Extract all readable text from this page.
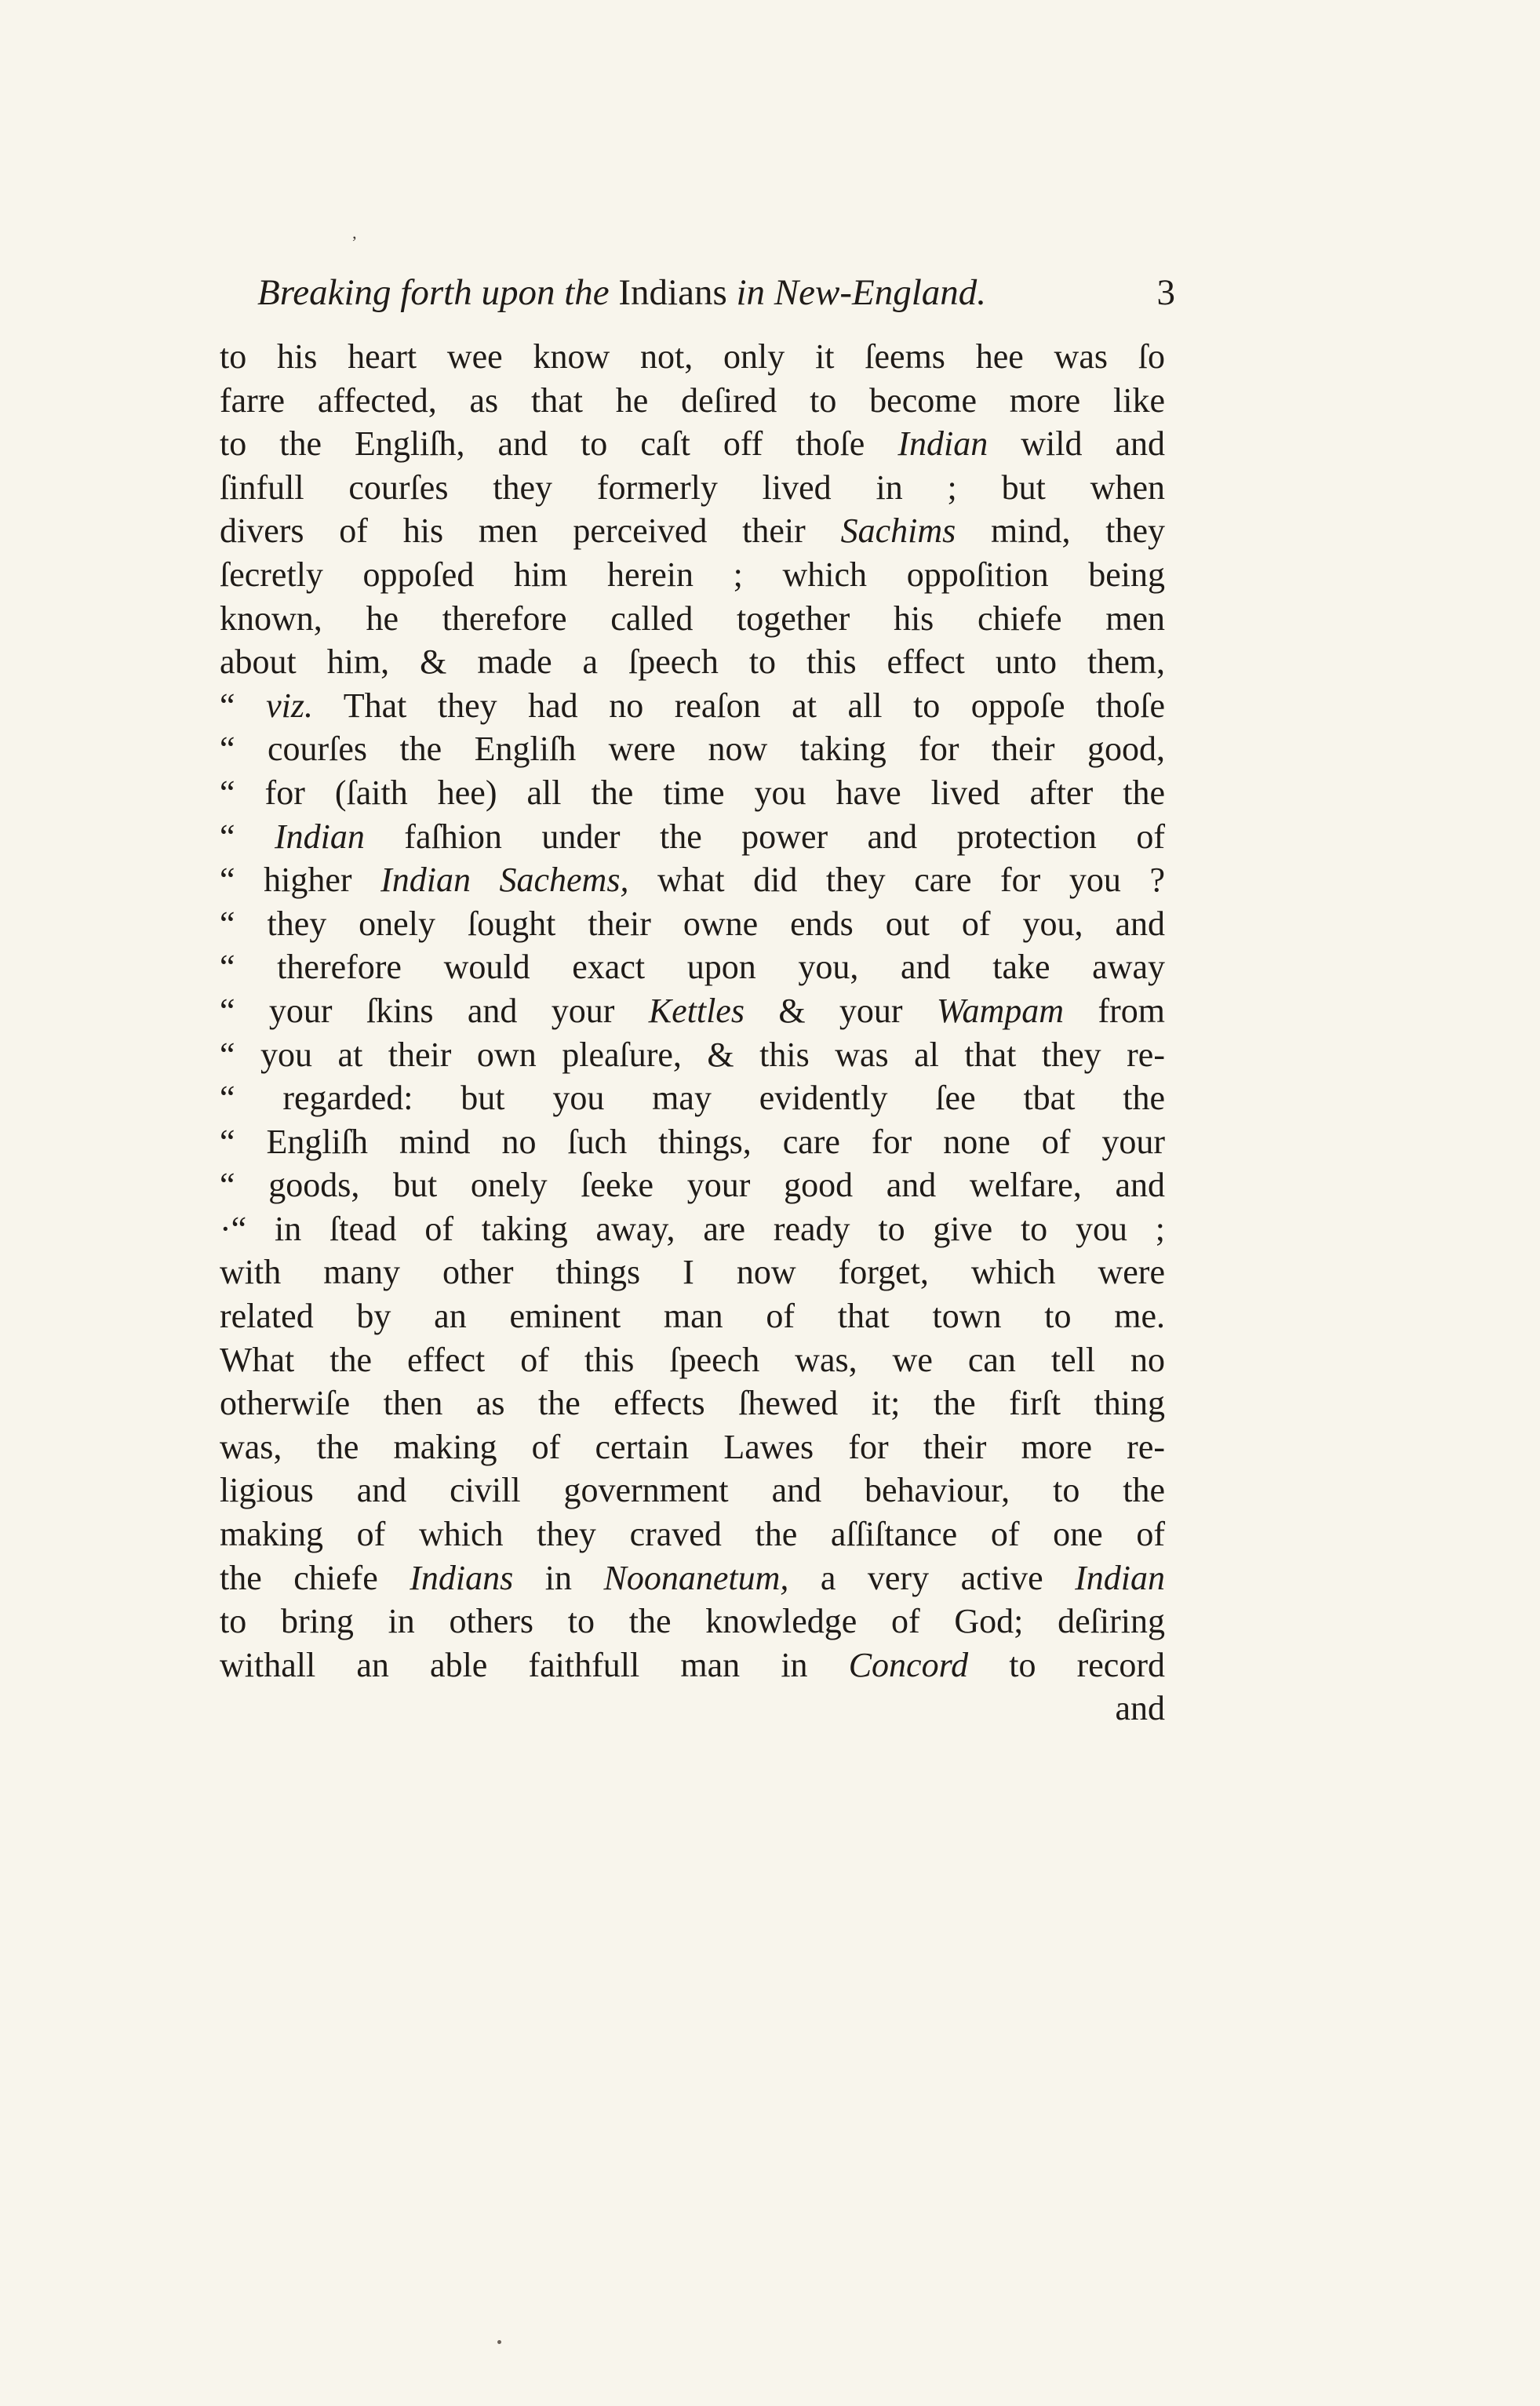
’
Breaking forth upon the Indians in New-England.	3
to his heart wee know not, only it ſeems hee was ſo
farre affected, as that he deſired to become more like
to the Engliſh, and to caſt off thoſe Indian wild and
ſinfull courſes they formerly lived in ; but when
divers of his men perceived their Sachims mind, they
ſecretly oppoſed him herein ; which oppoſition being
known, he therefore called together his chiefe men
about him, & made a ſpeech to this effect unto them,
“ viz. That they had no reaſon at all to oppoſe thoſe
“ courſes the Engliſh were now taking for their good,
“ for (ſaith hee) all the time you have lived after the
“ Indian faſhion under the power and protection of
“ higher Indian Sachems, what did they care for you ?
“ they onely ſought their owne ends out of you, and
“ therefore would exact upon you, and take away
“ your ſkins and your Kettles & your Wampam from
“ you at their own pleaſure, & this was al that they re-
“ regarded: but you may evidently ſee tbat the
“ Engliſh mind no ſuch things, care for none of your
“ goods, but onely ſeeke your good and welfare, and
·“ in ſtead of taking away, are ready to give to you ;
with many other things I now forget, which were
related by an eminent man of that town to me.
What the effect of this ſpeech was, we can tell no
otherwiſe then as the effects ſhewed it; the firſt thing
was, the making of certain Lawes for their more re-
ligious and civill government and behaviour, to the
making of which they craved the aſſiſtance of one of
the chiefe Indians in Noonanetum, a very active Indian
to bring in others to the knowledge of God; deſiring
withall an able faithfull man in Concord to record
and
